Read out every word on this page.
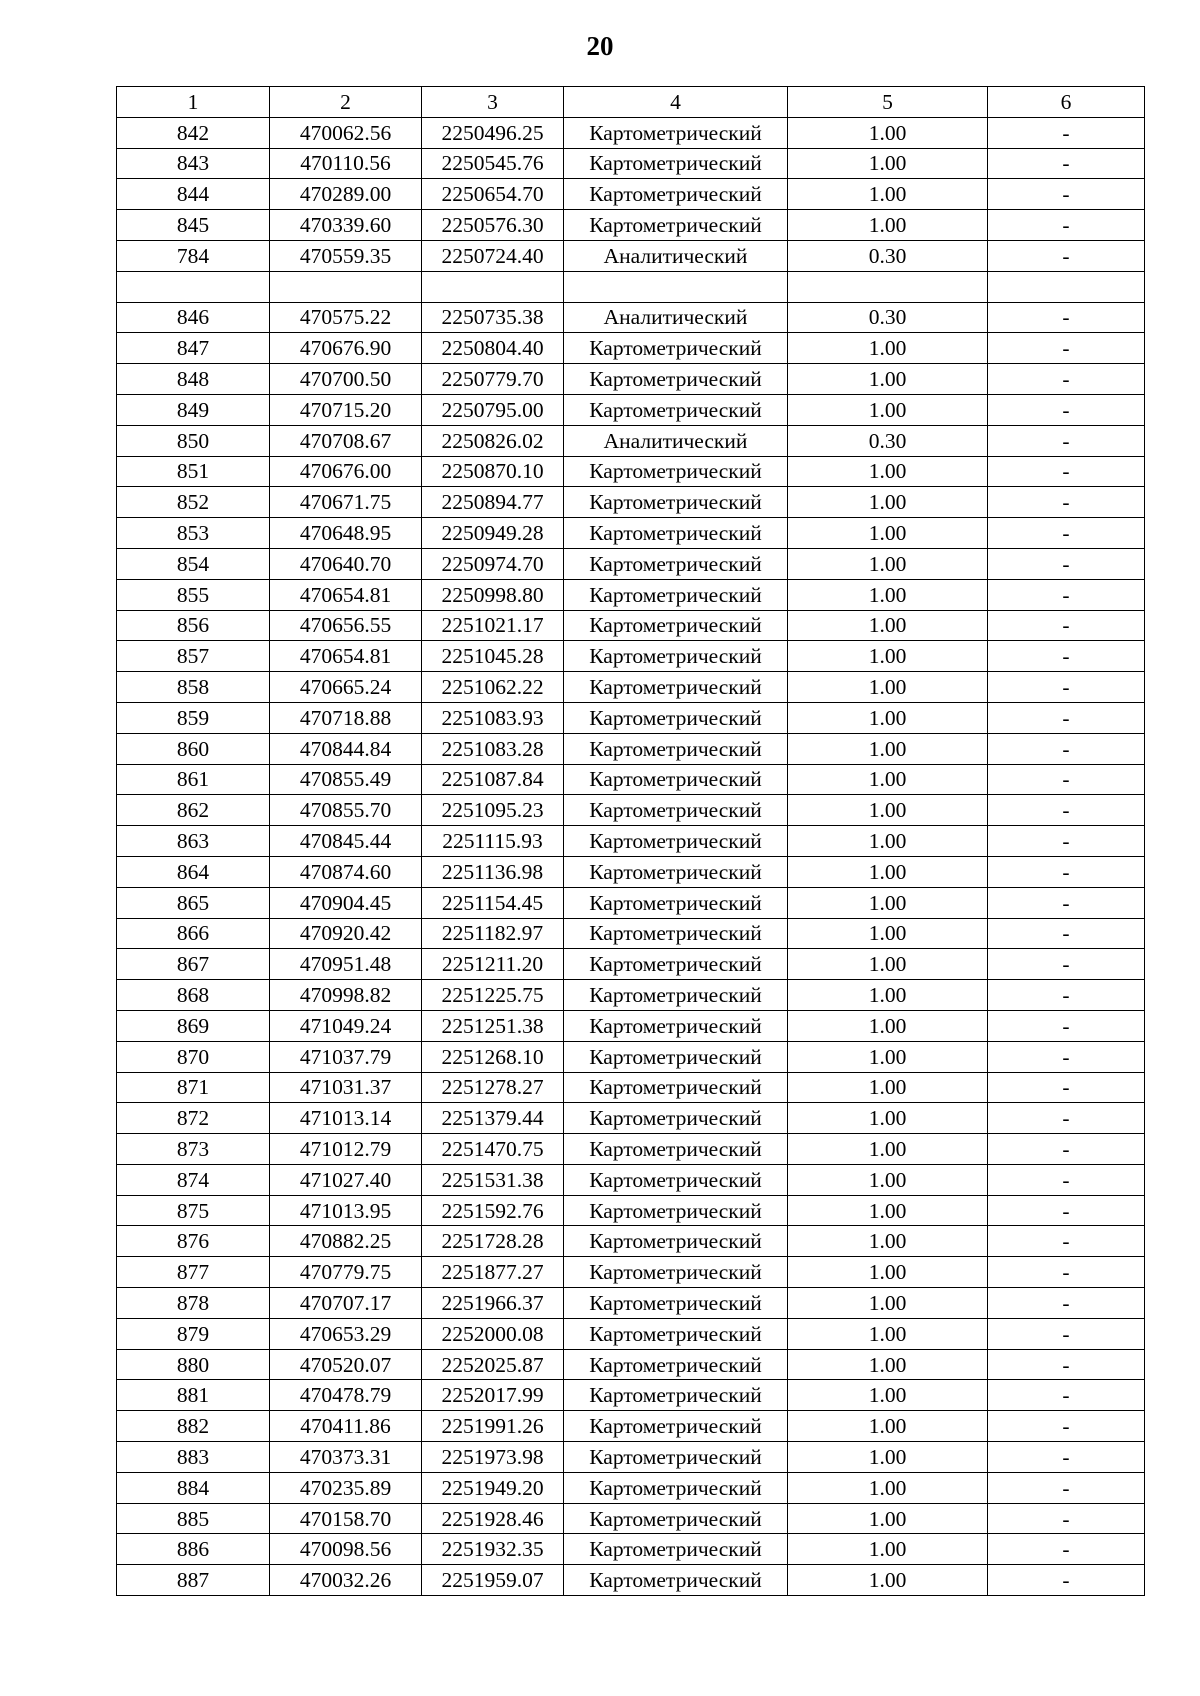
20
1	2	3	4	5	6
842	470062.56	2250496.25	Картометрический	1.00	-
843	470110.56	2250545.76	Картометрический	1.00	-
844	470289.00	2250654.70	Картометрический	1.00	-
845	470339.60	2250576.30	Картометрический	1.00	-
784	470559.35	2250724.40	Аналитический	0.30	-

846	470575.22	2250735.38	Аналитический	0.30	-
847	470676.90	2250804.40	Картометрический	1.00	-
848	470700.50	2250779.70	Картометрический	1.00	-
849	470715.20	2250795.00	Картометрический	1.00	-
850	470708.67	2250826.02	Аналитический	0.30	-
851	470676.00	2250870.10	Картометрический	1.00	-
852	470671.75	2250894.77	Картометрический	1.00	-
853	470648.95	2250949.28	Картометрический	1.00	-
854	470640.70	2250974.70	Картометрический	1.00	-
855	470654.81	2250998.80	Картометрический	1.00	-
856	470656.55	2251021.17	Картометрический	1.00	-
857	470654.81	2251045.28	Картометрический	1.00	-
858	470665.24	2251062.22	Картометрический	1.00	-
859	470718.88	2251083.93	Картометрический	1.00	-
860	470844.84	2251083.28	Картометрический	1.00	-
861	470855.49	2251087.84	Картометрический	1.00	-
862	470855.70	2251095.23	Картометрический	1.00	-
863	470845.44	2251115.93	Картометрический	1.00	-
864	470874.60	2251136.98	Картометрический	1.00	-
865	470904.45	2251154.45	Картометрический	1.00	-
866	470920.42	2251182.97	Картометрический	1.00	-
867	470951.48	2251211.20	Картометрический	1.00	-
868	470998.82	2251225.75	Картометрический	1.00	-
869	471049.24	2251251.38	Картометрический	1.00	-
870	471037.79	2251268.10	Картометрический	1.00	-
871	471031.37	2251278.27	Картометрический	1.00	-
872	471013.14	2251379.44	Картометрический	1.00	-
873	471012.79	2251470.75	Картометрический	1.00	-
874	471027.40	2251531.38	Картометрический	1.00	-
875	471013.95	2251592.76	Картометрический	1.00	-
876	470882.25	2251728.28	Картометрический	1.00	-
877	470779.75	2251877.27	Картометрический	1.00	-
878	470707.17	2251966.37	Картометрический	1.00	-
879	470653.29	2252000.08	Картометрический	1.00	-
880	470520.07	2252025.87	Картометрический	1.00	-
881	470478.79	2252017.99	Картометрический	1.00	-
882	470411.86	2251991.26	Картометрический	1.00	-
883	470373.31	2251973.98	Картометрический	1.00	-
884	470235.89	2251949.20	Картометрический	1.00	-
885	470158.70	2251928.46	Картометрический	1.00	-
886	470098.56	2251932.35	Картометрический	1.00	-
887	470032.26	2251959.07	Картометрический	1.00	-
